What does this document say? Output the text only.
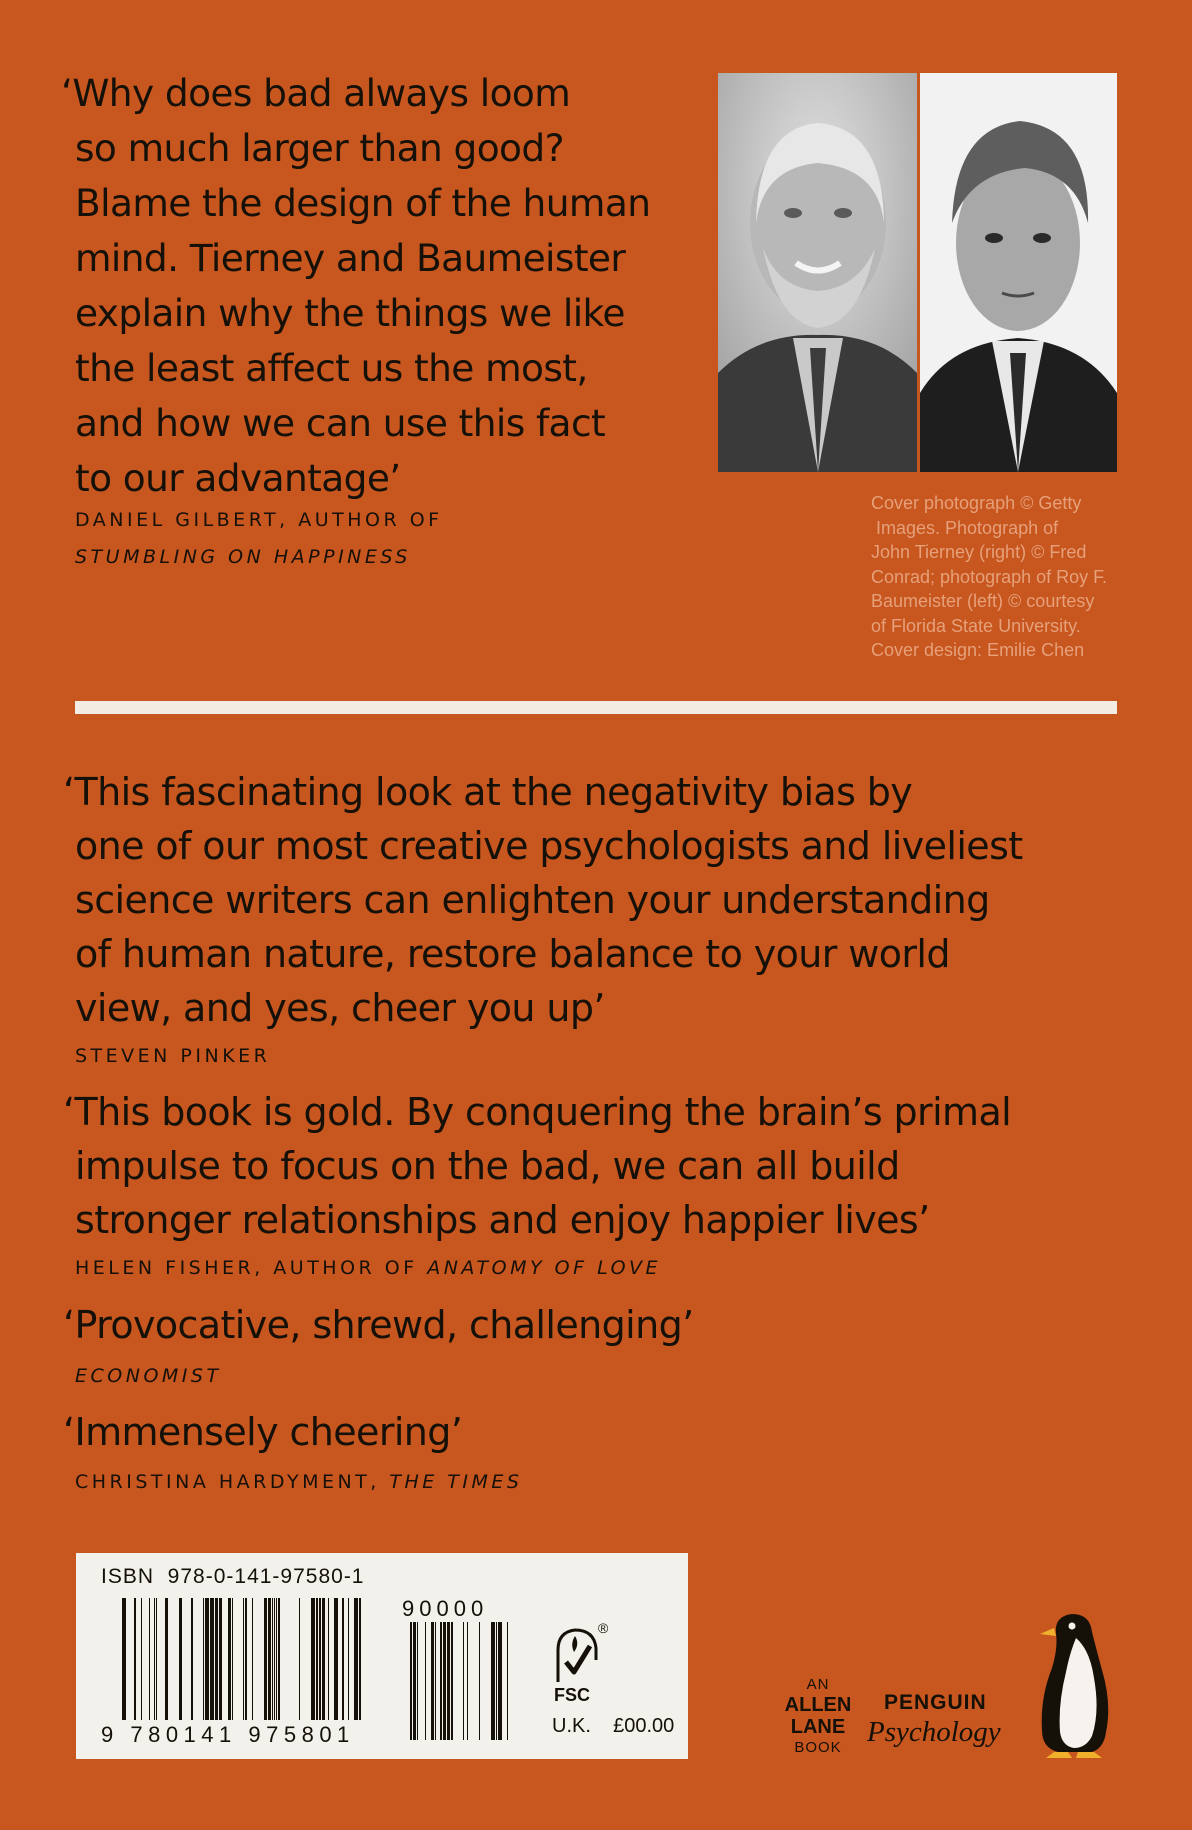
‘Why does bad always loom
so much larger than good?
Blame the design of the human
mind. Tierney and Baumeister
explain why the things we like
the least affect us the most,
and how we can use this fact
to our advantage’
DANIEL GILBERT, AUTHOR OF
STUMBLING ON HAPPINESS
Cover photograph © Getty
Images. Photograph of
John Tierney (right) © Fred
Conrad; photograph of Roy F.
Baumeister (left) © courtesy
of Florida State University.
Cover design: Emilie Chen
‘This fascinating look at the negativity bias by
one of our most creative psychologists and liveliest
science writers can enlighten your understanding
of human nature, restore balance to your world
view, and yes, cheer you up’
STEVEN PINKER
‘This book is gold. By conquering the brain’s primal
impulse to focus on the bad, we can all build
stronger relationships and enjoy happier lives’
HELEN FISHER, AUTHOR OF ANATOMY OF LOVE
‘Provocative, shrewd, challenging’
ECONOMIST
‘Immensely cheering’
CHRISTINA HARDYMENT, THE TIMES
ISBN  978-0-141-97580-1
9 780141 975801
90000
®
FSC
U.K.    £00.00
AN
ALLEN
LANE
BOOK
PENGUIN
Psychology
